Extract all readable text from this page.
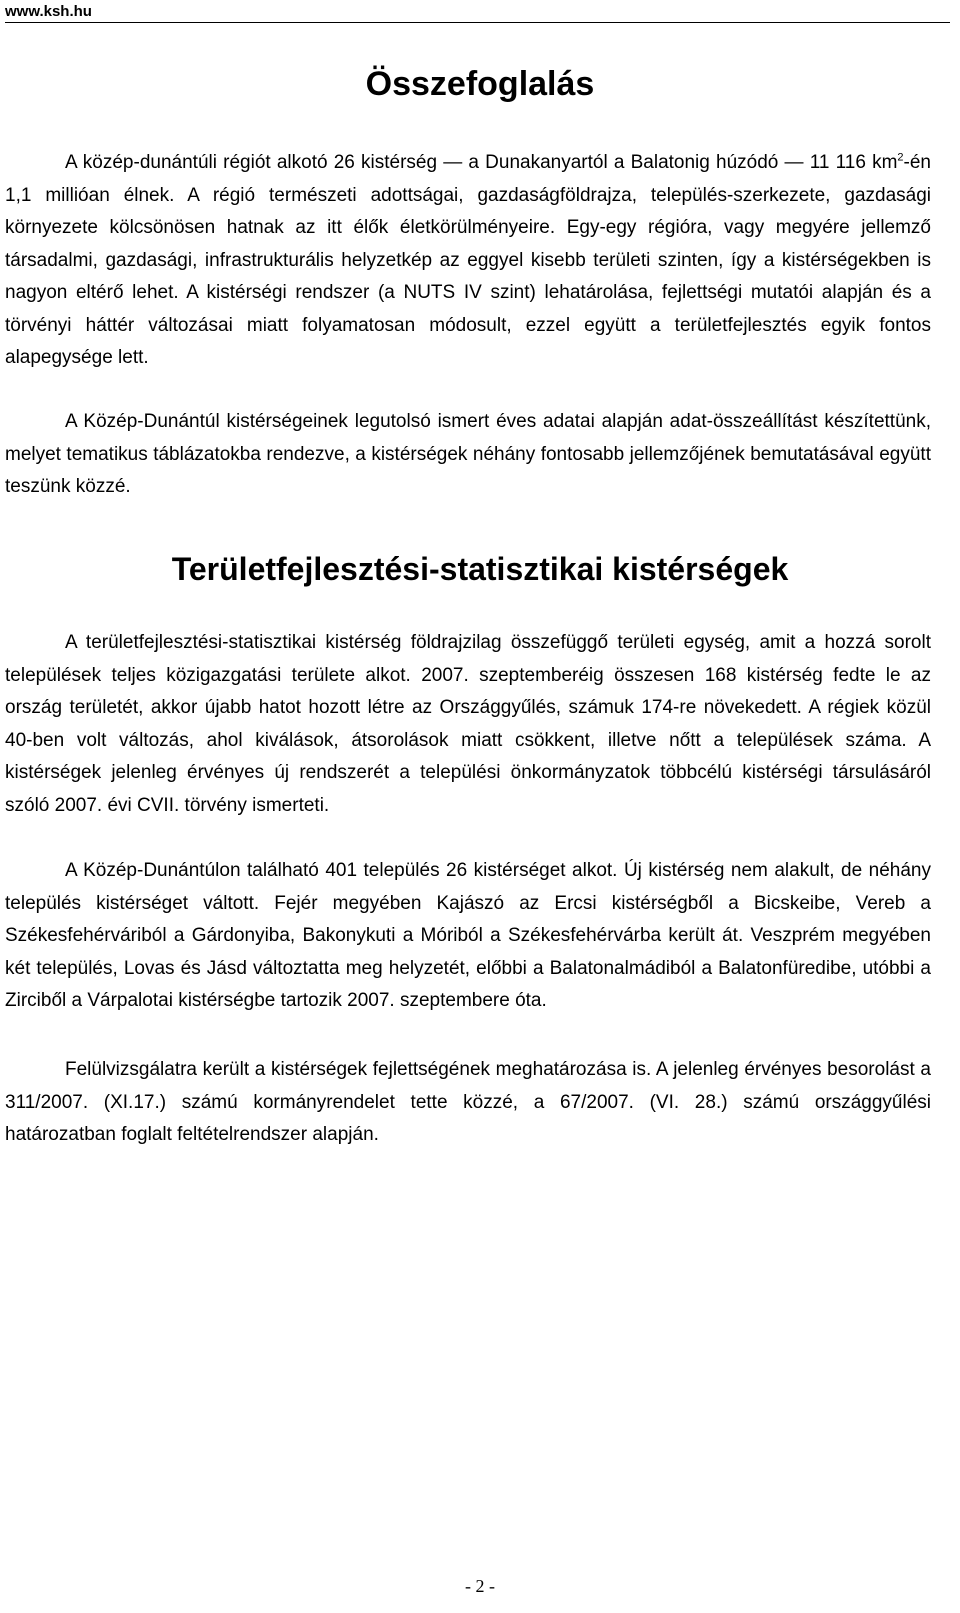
www.ksh.hu
Összefoglalás

A közép-dunántúli régiót alkotó 26 kistérség ― a Dunakanyartól a Balatonig húzódó ― 11 116 $km^2-én$ 1,1 millióan élnek. A régió természeti adottságai, gazdaságföldrajza, település-szerkezete, gazdasági környezete kölcsönösen hatnak az itt élők életkörülményeire. Egy-egy régióra, vagy megyére jellemző társadalmi, gazdasági, infrastrukturális helyzetkép az eggyel kisebb területi szinten, így a kistérségekben is nagyon eltérő lehet. A kistérségi rendszer (a NUTS IV szint) lehatárolása, fejlettségi mutatói alapján és a törvényi háttér változásai miatt folyamatosan módosult, ezzel együtt a területfejlesztés egyik fontos alapegysége lett.

A Közép-Dunántúl kistérségeinek legutolsó ismert éves adatai alapján adat-összeállítást készítettünk, melyet tematikus táblázatokba rendezve, a kistérségek néhány fontosabb jellemzőjének bemutatásával együtt teszünk közzé.

Területfejlesztési-statisztikai kistérségek

A területfejlesztési-statisztikai kistérség földrajzilag összefüggő területi egység, amit a hozzá sorolt települések teljes közigazgatási területe alkot. 2007. szeptemberéig összesen 168 kistérség fedte le az ország területét, akkor újabb hatot hozott létre az Országgyűlés, számuk 174-re növekedett. A régiek közül 40-ben volt változás, ahol kiválások, átsorolások miatt csökkent, illetve nőtt a települések száma. A kistérségek jelenleg érvényes új rendszerét a települési önkormányzatok többcélú kistérségi társulásáról szóló 2007. évi CVII. törvény ismerteti.

A Közép-Dunántúlon található 401 település 26 kistérséget alkot. Új kistérség nem alakult, de néhány település kistérséget váltott. Fejér megyében Kajászó az Ercsi kistérségből a Bicskeibe, Vereb a Székesfehérváriból a Gárdonyiba, Bakonykuti a Móriból a Székesfehérvárba került át. Veszprém megyében két település, Lovas és Jásd változtatta meg helyzetét, előbbi a Balatonalmádiból a Balatonfüredibe, utóbbi a Zirciből a Várpalotai kistérségbe tartozik 2007. szeptembere óta.

Felülvizsgálatra került a kistérségek fejlettségének meghatározása is. A jelenleg érvényes besorolást a 311/2007. (XI.17.) számú kormányrendelet tette közzé, a 67/2007. (VI. 28.) számú országgyűlési határozatban foglalt feltételrendszer alapján.

- 2 -
